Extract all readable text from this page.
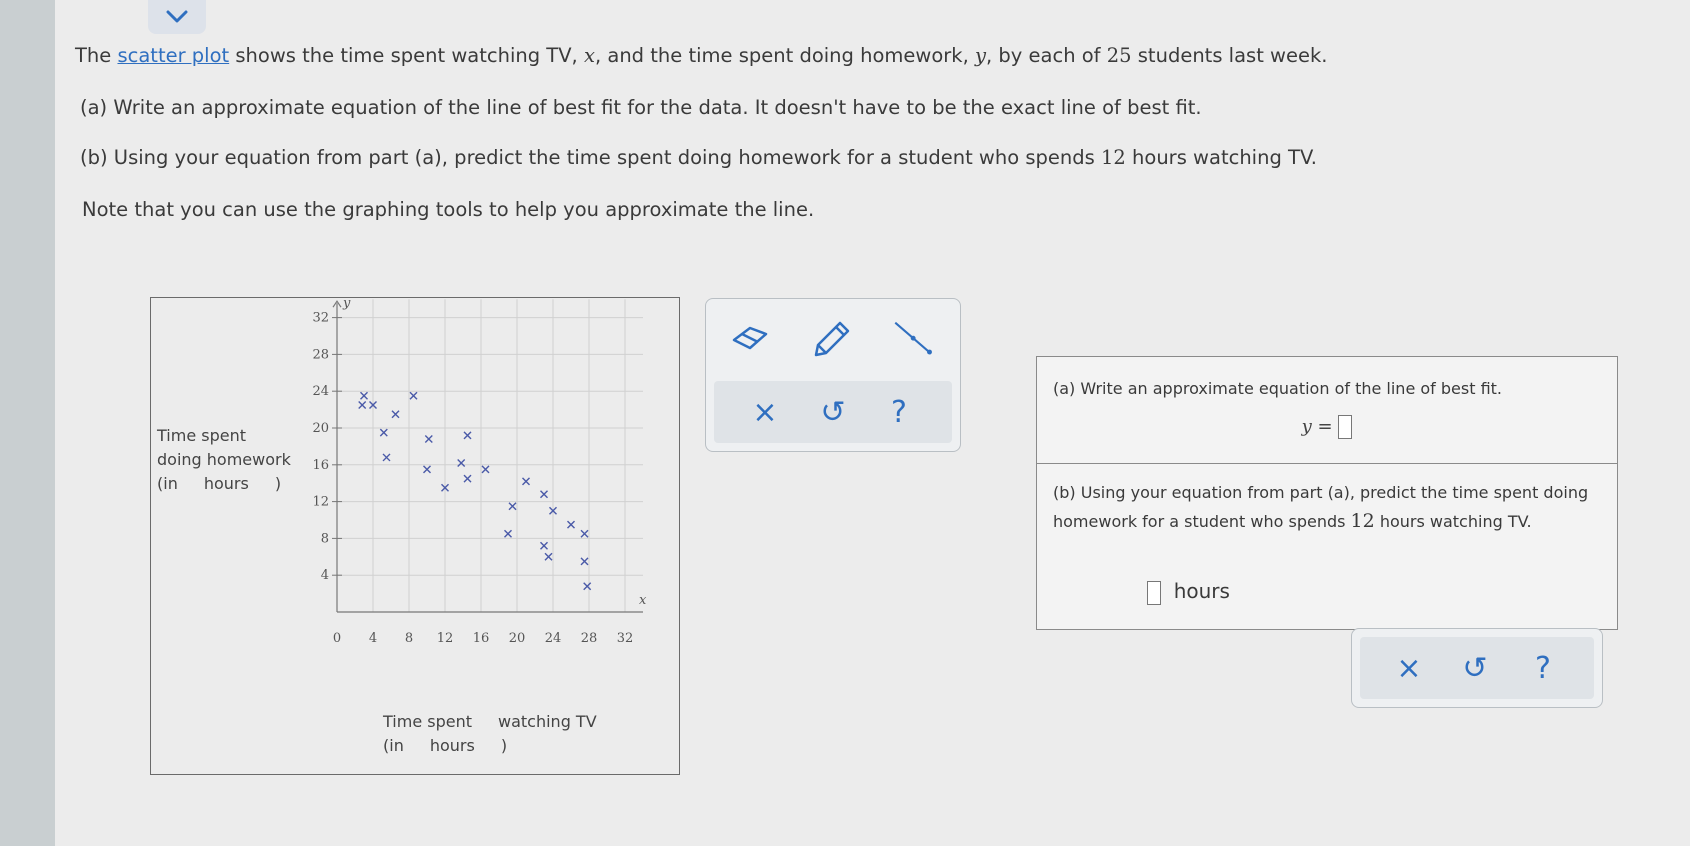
The scatter plot shows the time spent watching TV, x, and the time spent doing homework, y, by each of 25 students last week.
(a) Write an approximate equation of the line of best fit for the data. It doesn't have to be the exact line of best fit.
(b) Using your equation from part (a), predict the time spent doing homework for a student who spends 12 hours watching TV.
Note that you can use the graphing tools to help you approximate the line.
0 4 8 12 16 20 24 28 32
4
8
12
16
20
24
28
32
x
y
Time spent
doing homework
(in hours )
Time spent watching TV
(in hours )
×	↺	?
(a) Write an approximate equation of the line of best fit.
y =
(b) Using your equation from part (a), predict the time spent doing homework for a student who spends 12 hours watching TV.
hours
×	↺	?
